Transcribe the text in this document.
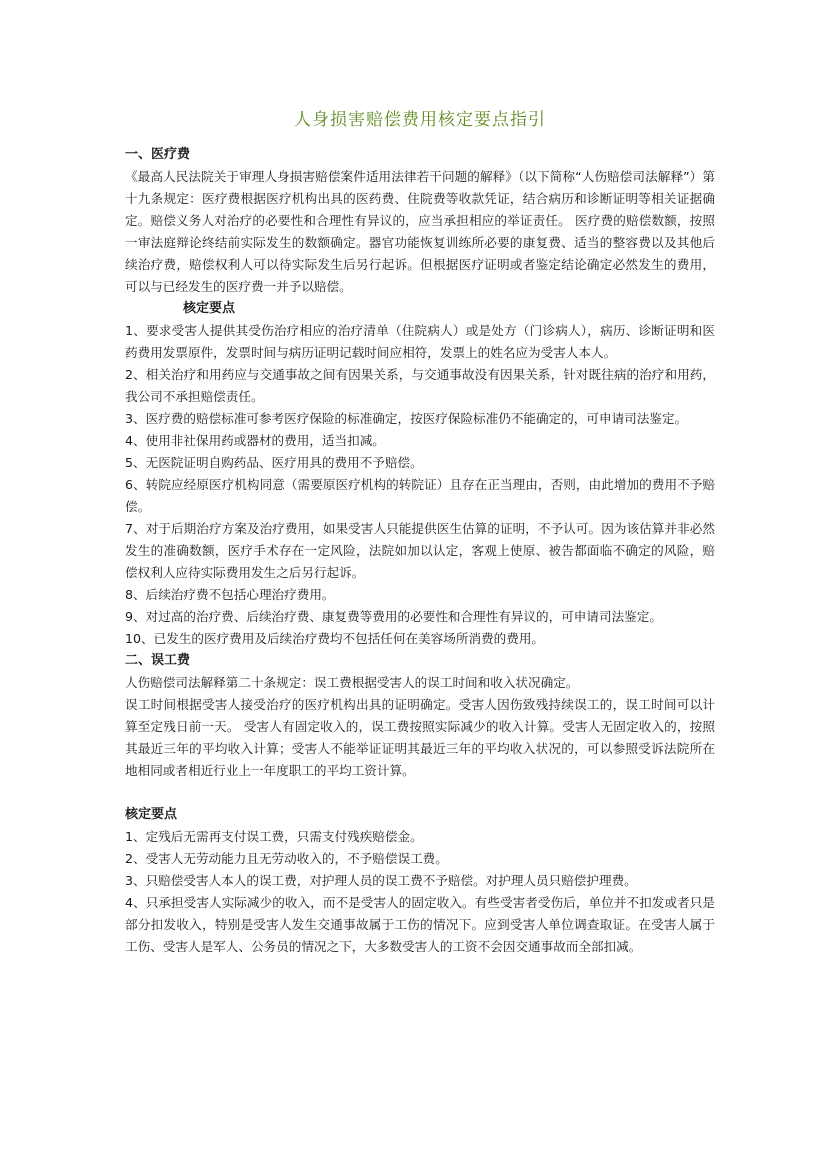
人身损害赔偿费用核定要点指引
一、医疗费

《最高人民法院关于审理人身损害赔偿案件适用法律若干问题的解释》（以下简称“人伤赔偿司法解释”）第十九条规定：医疗费根据医疗机构出具的医药费、住院费等收款凭证，结合病历和诊断证明等相关证据确定。赔偿义务人对治疗的必要性和合理性有异议的，应当承担相应的举证责任。 医疗费的赔偿数额，按照一审法庭辩论终结前实际发生的数额确定。器官功能恢复训练所必要的康复费、适当的整容费以及其他后续治疗费，赔偿权利人可以待实际发生后另行起诉。但根据医疗证明或者鉴定结论确定必然发生的费用，可以与已经发生的医疗费一并予以赔偿。

核定要点

1、要求受害人提供其受伤治疗相应的治疗清单（住院病人）或是处方（门诊病人），病历、诊断证明和医药费用发票原件，发票时间与病历证明记载时间应相符，发票上的姓名应为受害人本人。

2、相关治疗和用药应与交通事故之间有因果关系，与交通事故没有因果关系，针对既往病的治疗和用药，我公司不承担赔偿责任。

3、医疗费的赔偿标准可参考医疗保险的标准确定，按医疗保险标准仍不能确定的，可申请司法鉴定。

4、使用非社保用药或器材的费用，适当扣减。

5、无医院证明自购药品、医疗用具的费用不予赔偿。

6、转院应经原医疗机构同意（需要原医疗机构的转院证）且存在正当理由，否则，由此增加的费用不予赔偿。

7、对于后期治疗方案及治疗费用，如果受害人只能提供医生估算的证明，不予认可。因为该估算并非必然发生的准确数额，医疗手术存在一定风险，法院如加以认定，客观上使原、被告都面临不确定的风险，赔偿权利人应待实际费用发生之后另行起诉。

8、后续治疗费不包括心理治疗费用。

9、对过高的治疗费、后续治疗费、康复费等费用的必要性和合理性有异议的，可申请司法鉴定。

10、已发生的医疗费用及后续治疗费均不包括任何在美容场所消费的费用。

二、误工费

人伤赔偿司法解释第二十条规定：误工费根据受害人的误工时间和收入状况确定。

误工时间根据受害人接受治疗的医疗机构出具的证明确定。受害人因伤致残持续误工的，误工时间可以计算至定残日前一天。 受害人有固定收入的，误工费按照实际减少的收入计算。受害人无固定收入的，按照其最近三年的平均收入计算；受害人不能举证证明其最近三年的平均收入状况的，可以参照受诉法院所在地相同或者相近行业上一年度职工的平均工资计算。

核定要点

1、定残后无需再支付误工费，只需支付残疾赔偿金。

2、受害人无劳动能力且无劳动收入的，不予赔偿误工费。

3、只赔偿受害人本人的误工费，对护理人员的误工费不予赔偿。对护理人员只赔偿护理费。

4、只承担受害人实际减少的收入，而不是受害人的固定收入。有些受害者受伤后，单位并不扣发或者只是部分扣发收入，特别是受害人发生交通事故属于工伤的情况下。应到受害人单位调查取证。在受害人属于工伤、受害人是军人、公务员的情况之下，大多数受害人的工资不会因交通事故而全部扣减。
